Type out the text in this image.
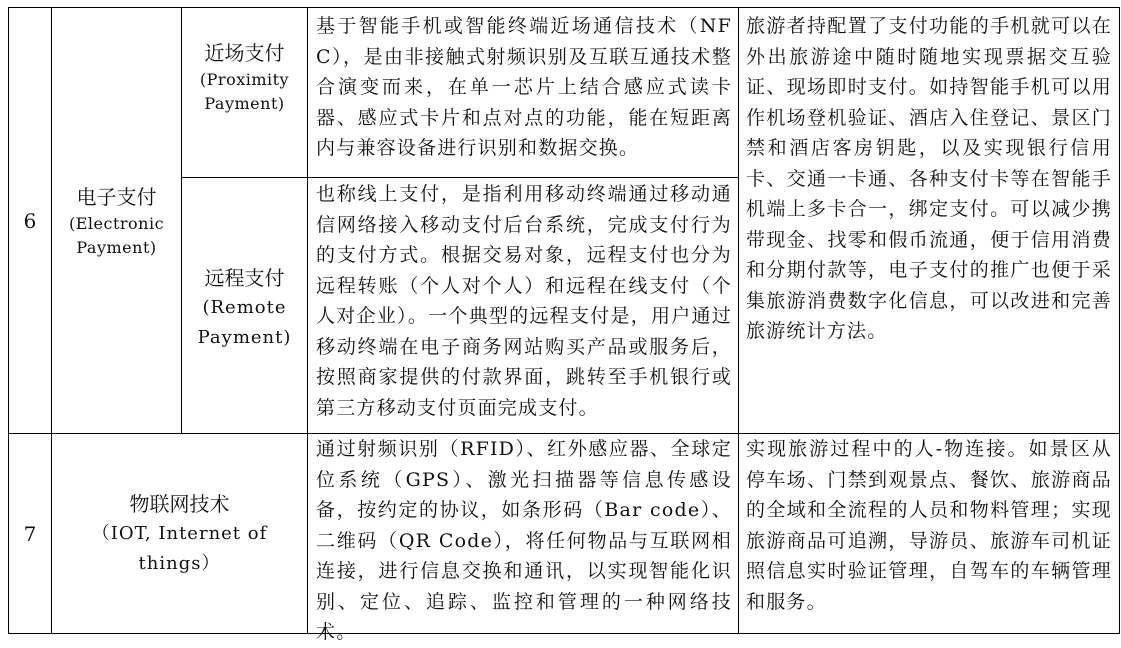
6
电子支付
(Electronic Payment)
近场支付
(Proximity Payment)
基于智能手机或智能终端近场通信技术（NFC），是由非接触式射频识别及互联互通技术整合演变而来，在单一芯片上结合感应式读卡器、感应式卡片和点对点的功能，能在短距离内与兼容设备进行识别和数据交换。
远程支付
(Remote Payment)
也称线上支付，是指利用移动终端通过移动通信网络接入移动支付后台系统，完成支付行为的支付方式。根据交易对象，远程支付也分为远程转账（个人对个人）和远程在线支付（个人对企业）。一个典型的远程支付是，用户通过移动终端在电子商务网站购买产品或服务后，按照商家提供的付款界面，跳转至手机银行或第三方移动支付页面完成支付。
旅游者持配置了支付功能的手机就可以在外出旅游途中随时随地实现票据交互验证、现场即时支付。如持智能手机可以用作机场登机验证、酒店入住登记、景区门禁和酒店客房钥匙，以及实现银行信用卡、交通一卡通、各种支付卡等在智能手机端上多卡合一，绑定支付。可以减少携带现金、找零和假币流通，便于信用消费和分期付款等，电子支付的推广也便于采集旅游消费数字化信息，可以改进和完善旅游统计方法。
7
物联网技术
（IOT, Internet of things）
通过射频识别（RFID）、红外感应器、全球定位系统（GPS）、激光扫描器等信息传感设备，按约定的协议，如条形码（Bar code）、二维码（QR Code），将任何物品与互联网相连接，进行信息交换和通讯，以实现智能化识别、定位、追踪、监控和管理的一种网络技术。
实现旅游过程中的人-物连接。如景区从停车场、门禁到观景点、餐饮、旅游商品的全域和全流程的人员和物料管理；实现旅游商品可追溯，导游员、旅游车司机证照信息实时验证管理，自驾车的车辆管理和服务。
